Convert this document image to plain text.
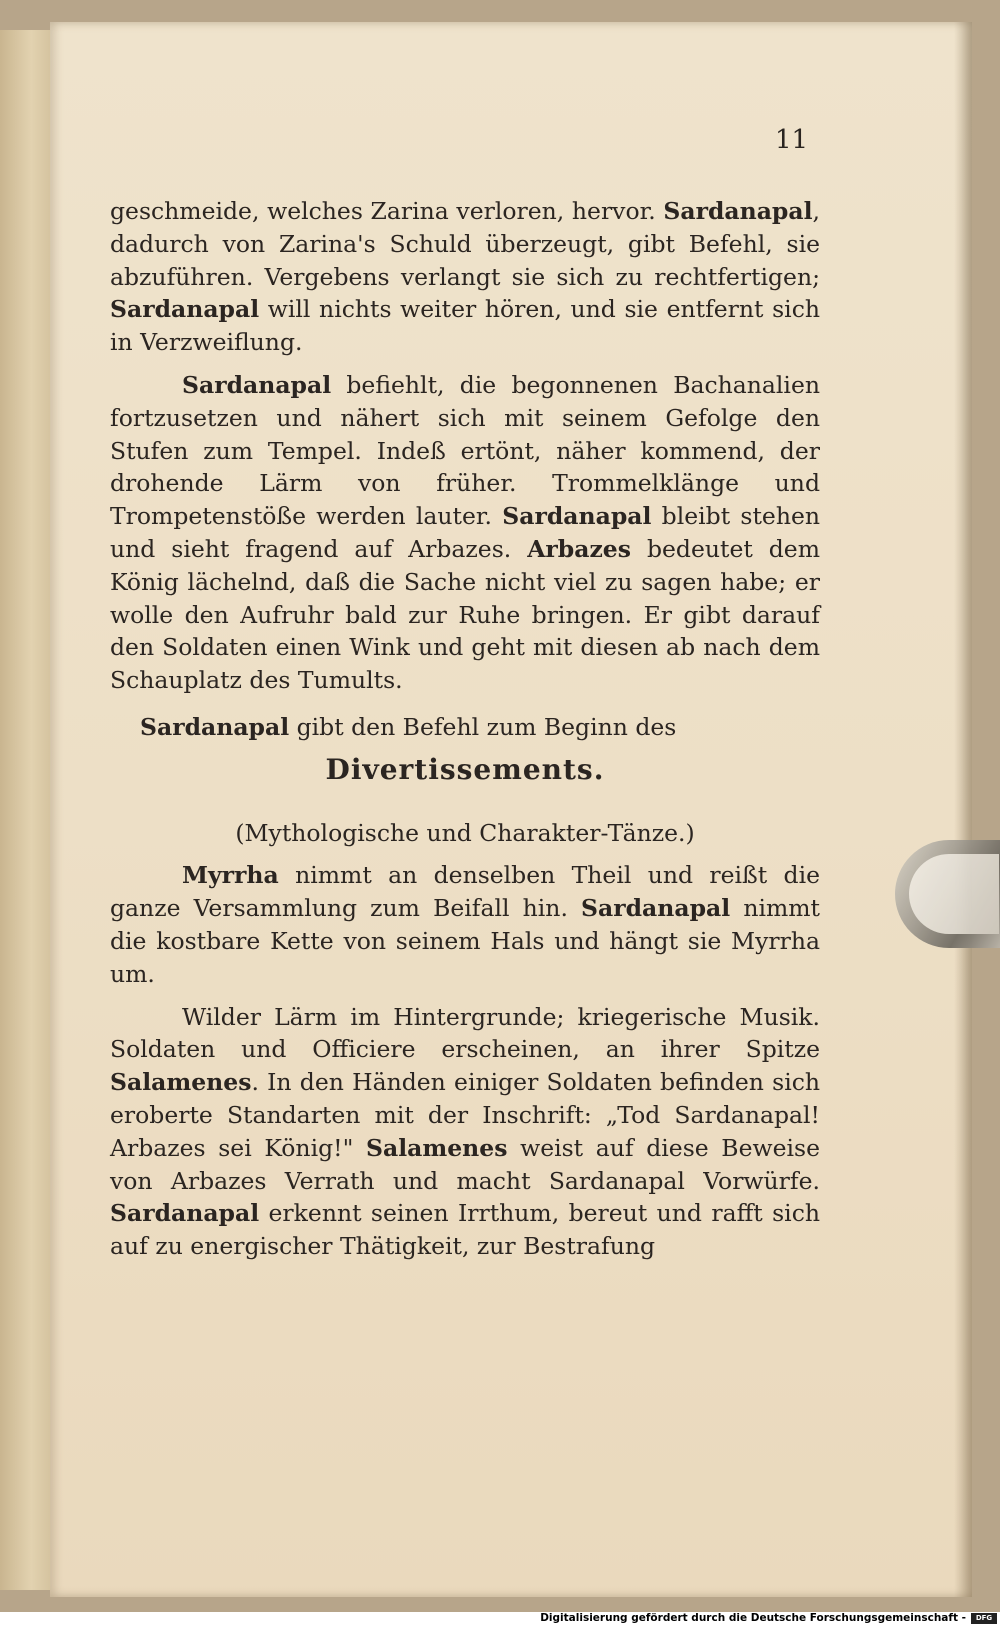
11

geschmeide, welches Zarina verloren, hervor. Sardanapal, dadurch von Zarina's Schuld überzeugt, gibt Befehl, sie abzuführen. Vergebens verlangt sie sich zu rechtfertigen; Sardanapal will nichts weiter hören, und sie entfernt sich in Verzweiflung.

Sardanapal befiehlt, die begonnenen Bachanalien fortzusetzen und nähert sich mit seinem Gefolge den Stufen zum Tempel. Indeß ertönt, näher kommend, der drohende Lärm von früher. Trommelklänge und Trompetenstöße werden lauter. Sardanapal bleibt stehen und sieht fragend auf Arbazes. Arbazes bedeutet dem König lächelnd, daß die Sache nicht viel zu sagen habe; er wolle den Aufruhr bald zur Ruhe bringen. Er gibt darauf den Soldaten einen Wink und geht mit diesen ab nach dem Schauplatz des Tumults.

Sardanapal gibt den Befehl zum Beginn des

Divertissements.

(Mythologische und Charakter-Tänze.)

Myrrha nimmt an denselben Theil und reißt die ganze Versammlung zum Beifall hin. Sardanapal nimmt die kostbare Kette von seinem Hals und hängt sie Myrrha um.

Wilder Lärm im Hintergrunde; kriegerische Musik. Soldaten und Officiere erscheinen, an ihrer Spitze Salamenes. In den Händen einiger Soldaten befinden sich eroberte Standarten mit der Inschrift: „Tod Sardanapal! Arbazes sei König!" Salamenes weist auf diese Beweise von Arbazes Verrath und macht Sardanapal Vorwürfe. Sardanapal erkennt seinen Irrthum, bereut und rafft sich auf zu energischer Thätigkeit, zur Bestrafung

Digitalisierung gefördert durch die Deutsche Forschungsgemeinschaft -	DFG
